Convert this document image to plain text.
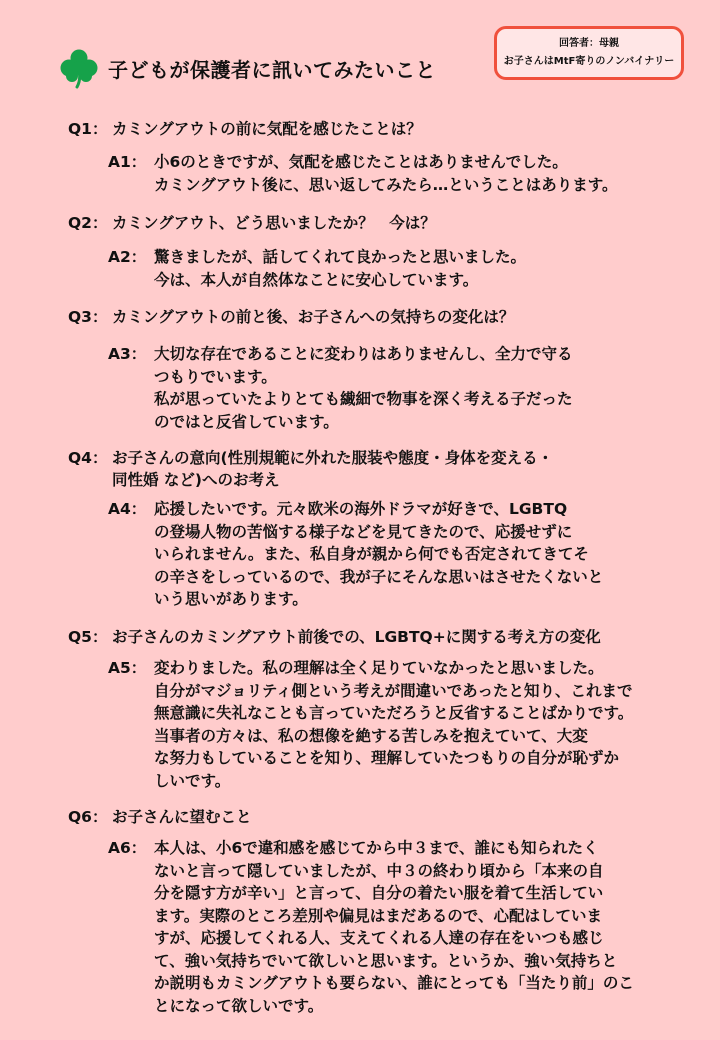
子どもが保護者に訊いてみたいこと
回答者：母親
お子さんはMtF寄りのノンバイナリー
Q1： カミングアウトの前に気配を感じたことは？
A1： 小6のときですが、気配を感じたことはありませんでした。
カミングアウト後に、思い返してみたら…ということはあります。
Q2： カミングアウト、どう思いましたか？　今は？
A2： 驚きましたが、話してくれて良かったと思いました。
今は、本人が自然体なことに安心しています。
Q3： カミングアウトの前と後、お子さんへの気持ちの変化は？
A3： 大切な存在であることに変わりはありませんし、全力で守る
つもりでいます。
私が思っていたよりとても繊細で物事を深く考える子だった
のではと反省しています。
Q4： お子さんの意向(性別規範に外れた服装や態度・身体を変える・
同性婚 など)へのお考え
A4： 応援したいです。元々欧米の海外ドラマが好きで、LGBTQ
の登場人物の苦悩する様子などを見てきたので、応援せずに
いられません。また、私自身が親から何でも否定されてきてそ
の辛さをしっているので、我が子にそんな思いはさせたくないと
いう思いがあります。
Q5： お子さんのカミングアウト前後での、LGBTQ+に関する考え方の変化
A5： 変わりました。私の理解は全く足りていなかったと思いました。
自分がマジョリティ側という考えが間違いであったと知り、これまで
無意識に失礼なことも言っていただろうと反省することばかりです。
当事者の方々は、私の想像を絶する苦しみを抱えていて、大変
な努力もしていることを知り、理解していたつもりの自分が恥ずか
しいです。
Q6： お子さんに望むこと
A6： 本人は、小6で違和感を感じてから中３まで、誰にも知られたく
ないと言って隠していましたが、中３の終わり頃から「本来の自
分を隠す方が辛い」と言って、自分の着たい服を着て生活してい
ます。実際のところ差別や偏見はまだあるので、心配はしていま
すが、応援してくれる人、支えてくれる人達の存在をいつも感じ
て、強い気持ちでいて欲しいと思います。というか、強い気持ちと
か説明もカミングアウトも要らない、誰にとっても「当たり前」のこ
とになって欲しいです。
